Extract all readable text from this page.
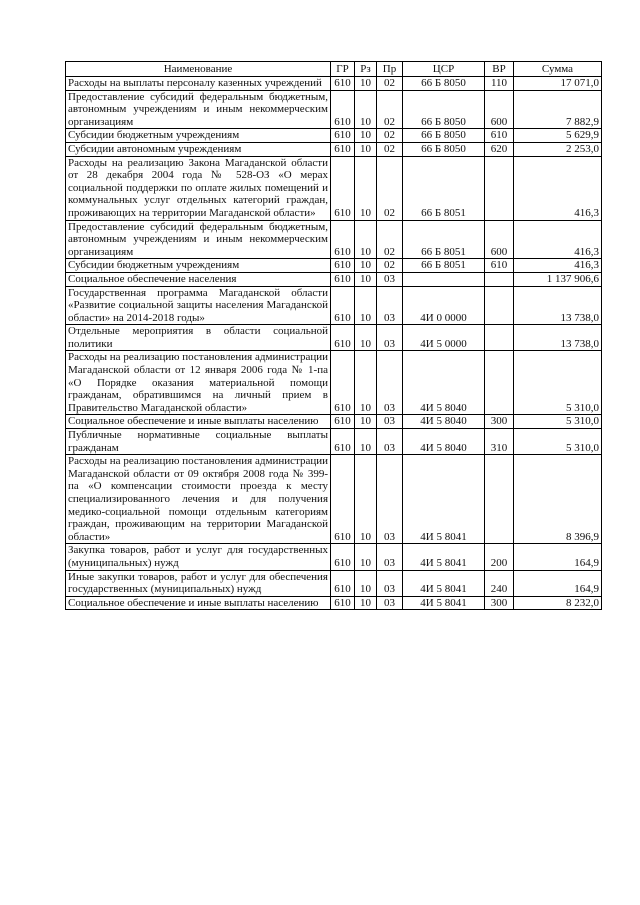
Наименование	ГР	Рз	Пр	ЦСР	ВР	Сумма
Расходы на выплаты персоналу казенных учреждений	610	10	02	66 Б 8050	110	17 071,0
Предоставление субсидий федеральным бюджетным, автономным учреждениям и иным некоммерческим организациям	610	10	02	66 Б 8050	600	7 882,9
Субсидии бюджетным учреждениям	610	10	02	66 Б 8050	610	5 629,9
Субсидии автономным учреждениям	610	10	02	66 Б 8050	620	2 253,0
Расходы на реализацию Закона Магаданской области от 28 декабря 2004 года № 528-ОЗ «О мерах социальной поддержки по оплате жилых помещений и коммунальных услуг отдельных категорий граждан, проживающих на территории Магаданской области»	610	10	02	66 Б 8051		416,3
Предоставление субсидий федеральным бюджетным, автономным учреждениям и иным некоммерческим организациям	610	10	02	66 Б 8051	600	416,3
Субсидии бюджетным учреждениям	610	10	02	66 Б 8051	610	416,3
Социальное обеспечение населения	610	10	03			1 137 906,6
Государственная программа Магаданской области «Развитие социальной защиты населения Магаданской области» на 2014-2018 годы»	610	10	03	4И 0 0000		13 738,0
Отдельные мероприятия в области социальной политики	610	10	03	4И 5 0000		13 738,0
Расходы на реализацию постановления администрации Магаданской области от 12 января 2006 года № 1-па «О Порядке оказания материальной помощи гражданам, обратившимся на личный прием в Правительство Магаданской области»	610	10	03	4И 5 8040		5 310,0
Социальное обеспечение и иные выплаты населению	610	10	03	4И 5 8040	300	5 310,0
Публичные нормативные социальные выплаты гражданам	610	10	03	4И 5 8040	310	5 310,0
Расходы на реализацию постановления администрации Магаданской области от 09 октября 2008 года № 399-па «О компенсации стоимости проезда к месту специализированного лечения и для получения медико-социальной помощи отдельным категориям граждан, проживающим на территории Магаданской области»	610	10	03	4И 5 8041		8 396,9
Закупка товаров, работ и услуг для государственных (муниципальных) нужд	610	10	03	4И 5 8041	200	164,9
Иные закупки товаров, работ и услуг для обеспечения государственных (муниципальных) нужд	610	10	03	4И 5 8041	240	164,9
Социальное обеспечение и иные выплаты населению	610	10	03	4И 5 8041	300	8 232,0
